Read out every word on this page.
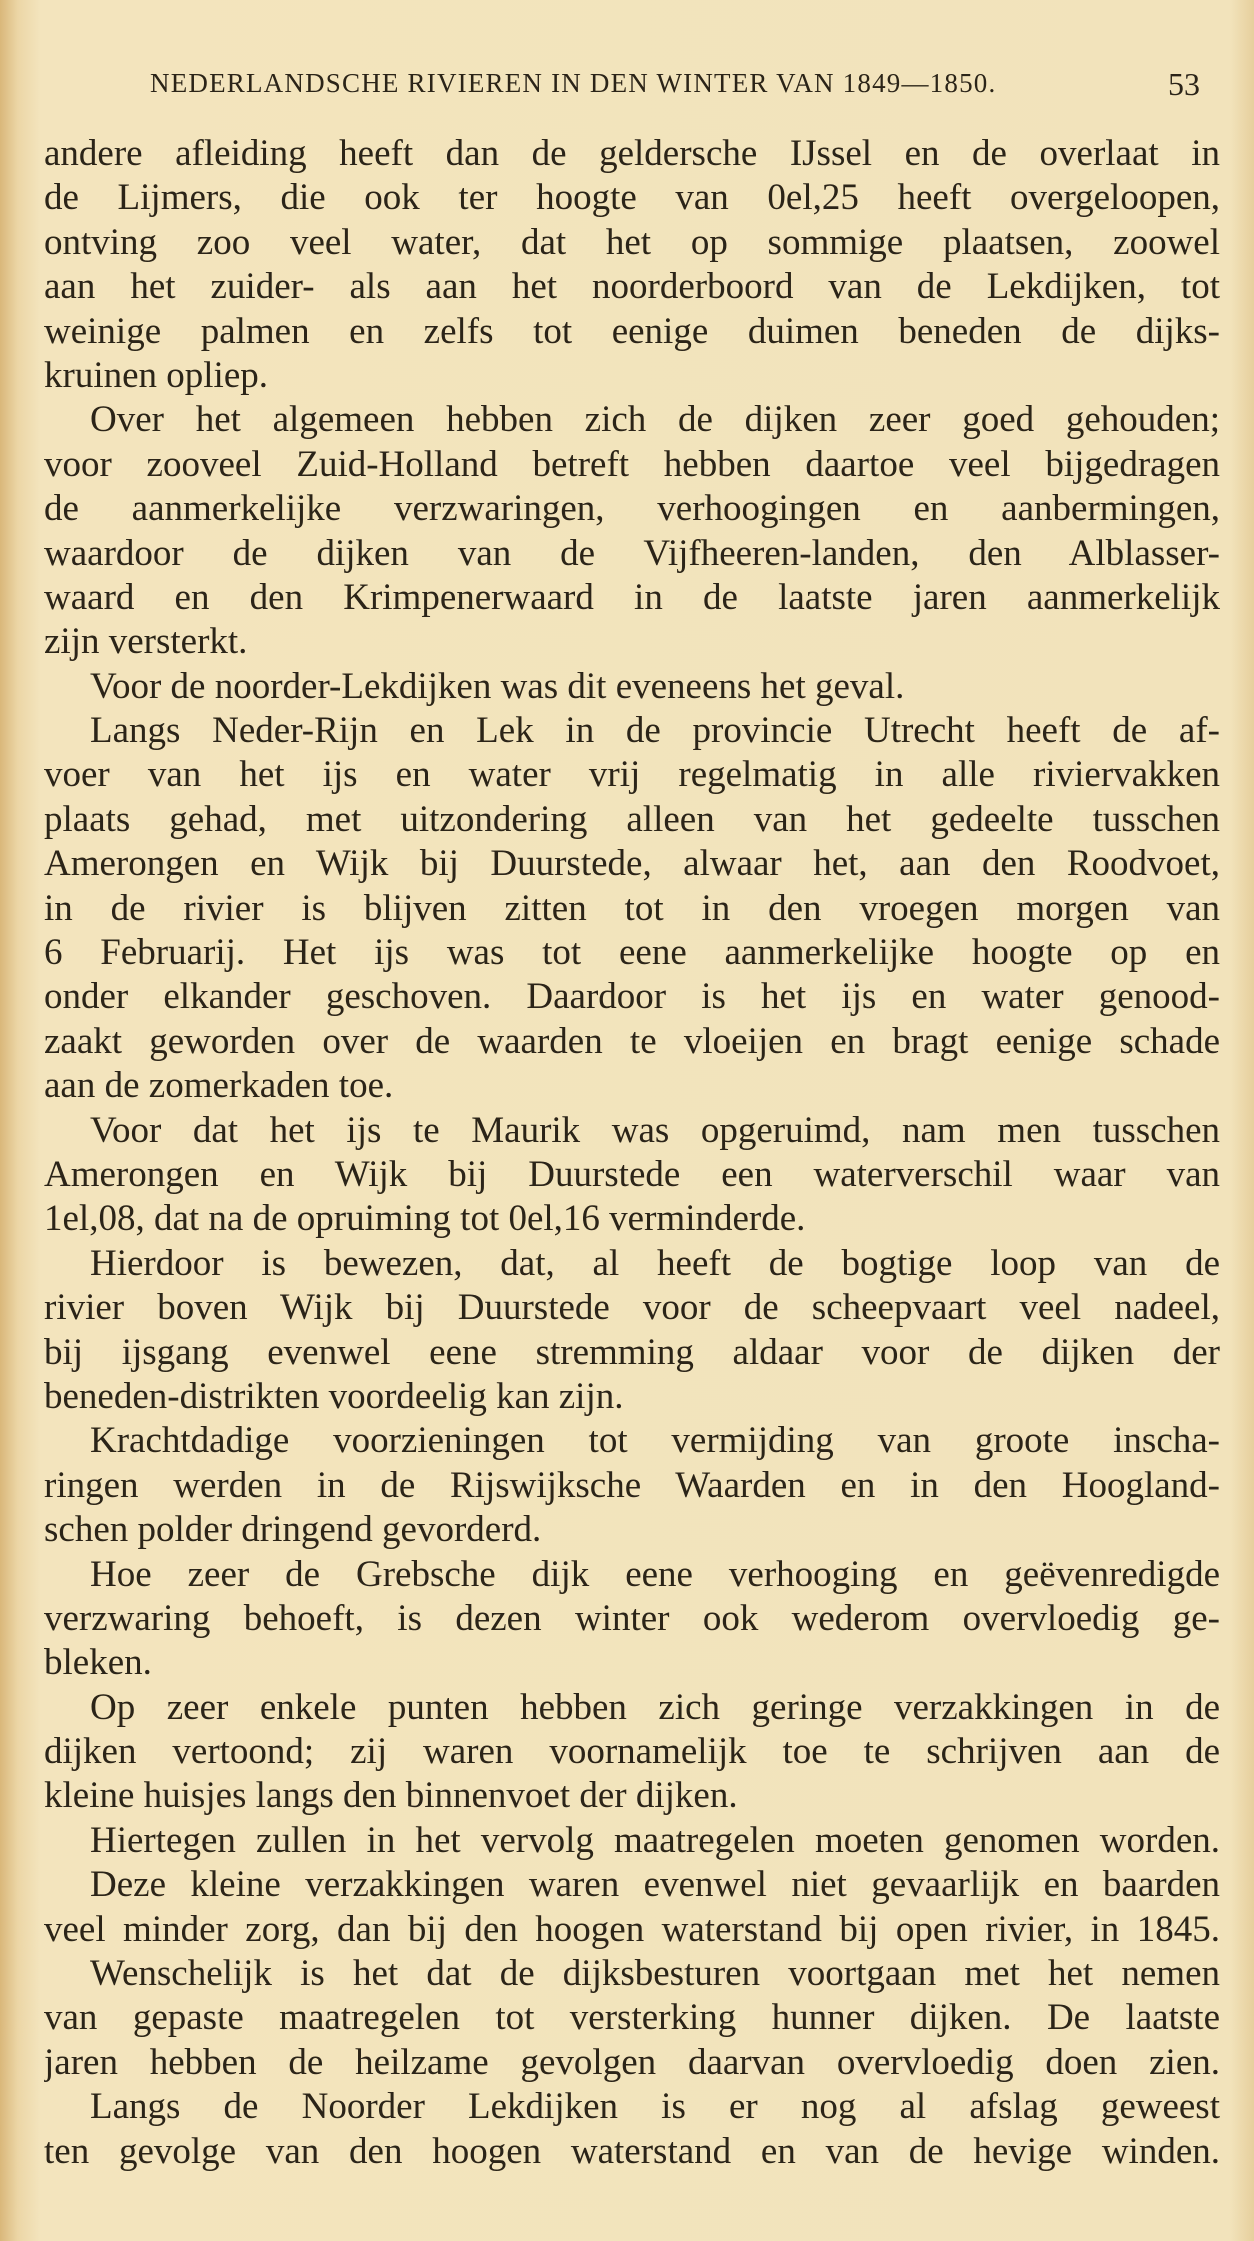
NEDERLANDSCHE RIVIEREN IN DEN WINTER VAN 1849—1850.	53
andere afleiding heeft dan de geldersche IJssel en de overlaat in
de Lijmers, die ook ter hoogte van 0el,25 heeft overgeloopen,
ontving zoo veel water, dat het op sommige plaatsen, zoowel
aan het zuider- als aan het noorderboord van de Lekdijken, tot
weinige palmen en zelfs tot eenige duimen beneden de dijks-
kruinen opliep.
Over het algemeen hebben zich de dijken zeer goed gehouden;
voor zooveel Zuid-Holland betreft hebben daartoe veel bijgedragen
de aanmerkelijke verzwaringen, verhoogingen en aanbermingen,
waardoor de dijken van de Vijfheeren-landen, den Alblasser-
waard en den Krimpenerwaard in de laatste jaren aanmerkelijk
zijn versterkt.
Voor de noorder-Lekdijken was dit eveneens het geval.
Langs Neder-Rijn en Lek in de provincie Utrecht heeft de af-
voer van het ijs en water vrij regelmatig in alle riviervakken
plaats gehad, met uitzondering alleen van het gedeelte tusschen
Amerongen en Wijk bij Duurstede, alwaar het, aan den Roodvoet,
in de rivier is blijven zitten tot in den vroegen morgen van
6 Februarij. Het ijs was tot eene aanmerkelijke hoogte op en
onder elkander geschoven. Daardoor is het ijs en water genood-
zaakt geworden over de waarden te vloeijen en bragt eenige schade
aan de zomerkaden toe.
Voor dat het ijs te Maurik was opgeruimd, nam men tusschen
Amerongen en Wijk bij Duurstede een waterverschil waar van
1el,08, dat na de opruiming tot 0el,16 verminderde.
Hierdoor is bewezen, dat, al heeft de bogtige loop van de
rivier boven Wijk bij Duurstede voor de scheepvaart veel nadeel,
bij ijsgang evenwel eene stremming aldaar voor de dijken der
beneden-distrikten voordeelig kan zijn.
Krachtdadige voorzieningen tot vermijding van groote inscha-
ringen werden in de Rijswijksche Waarden en in den Hoogland-
schen polder dringend gevorderd.
Hoe zeer de Grebsche dijk eene verhooging en geëvenredigde
verzwaring behoeft, is dezen winter ook wederom overvloedig ge-
bleken.
Op zeer enkele punten hebben zich geringe verzakkingen in de
dijken vertoond; zij waren voornamelijk toe te schrijven aan de
kleine huisjes langs den binnenvoet der dijken.
Hiertegen zullen in het vervolg maatregelen moeten genomen worden.
Deze kleine verzakkingen waren evenwel niet gevaarlijk en baarden
veel minder zorg, dan bij den hoogen waterstand bij open rivier, in 1845.
Wenschelijk is het dat de dijksbesturen voortgaan met het nemen
van gepaste maatregelen tot versterking hunner dijken. De laatste
jaren hebben de heilzame gevolgen daarvan overvloedig doen zien.
Langs de Noorder Lekdijken is er nog al afslag geweest
ten gevolge van den hoogen waterstand en van de hevige winden.
